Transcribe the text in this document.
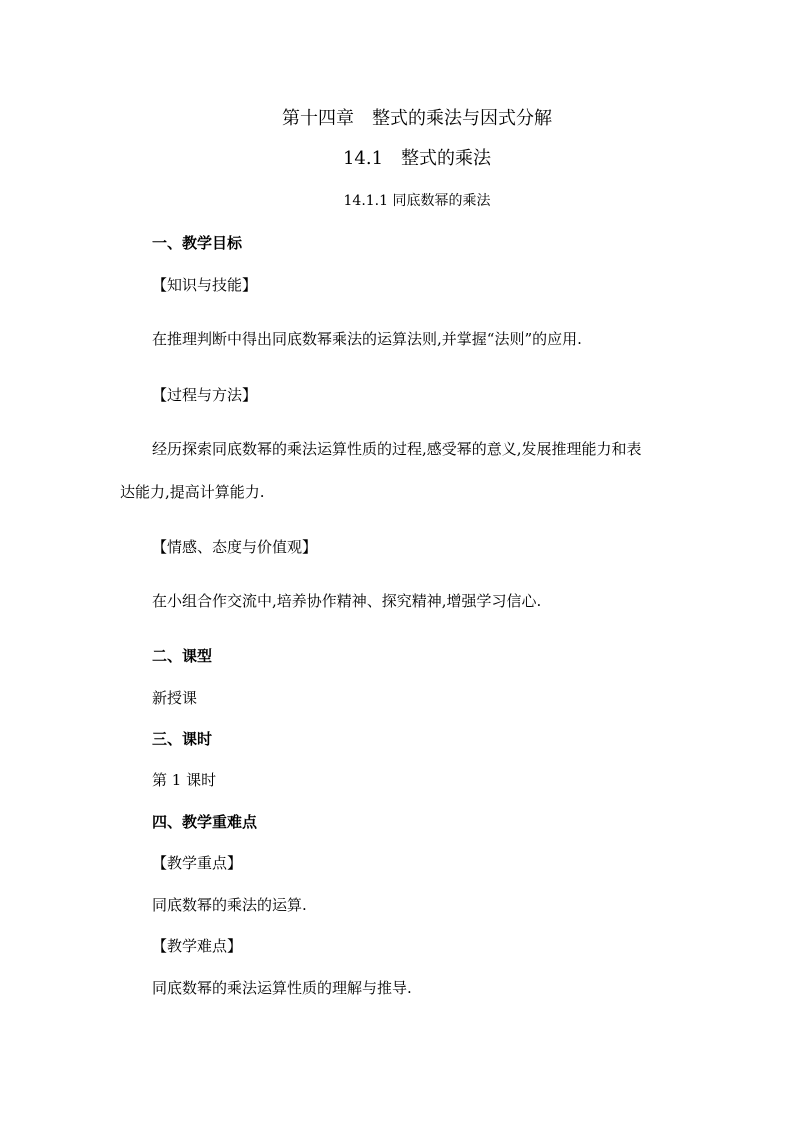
第十四章　整式的乘法与因式分解
14.1　整式的乘法
14.1.1 同底数幂的乘法
一、教学目标
【知识与技能】
在推理判断中得出同底数幂乘法的运算法则,并掌握“法则”的应用.
【过程与方法】
经历探索同底数幂的乘法运算性质的过程,感受幂的意义,发展推理能力和表
达能力,提高计算能力.
【情感、态度与价值观】
在小组合作交流中,培养协作精神、探究精神,增强学习信心.
二、课型
新授课
三、课时
第 1 课时
四、教学重难点
【教学重点】
同底数幂的乘法的运算.
【教学难点】
同底数幂的乘法运算性质的理解与推导.
